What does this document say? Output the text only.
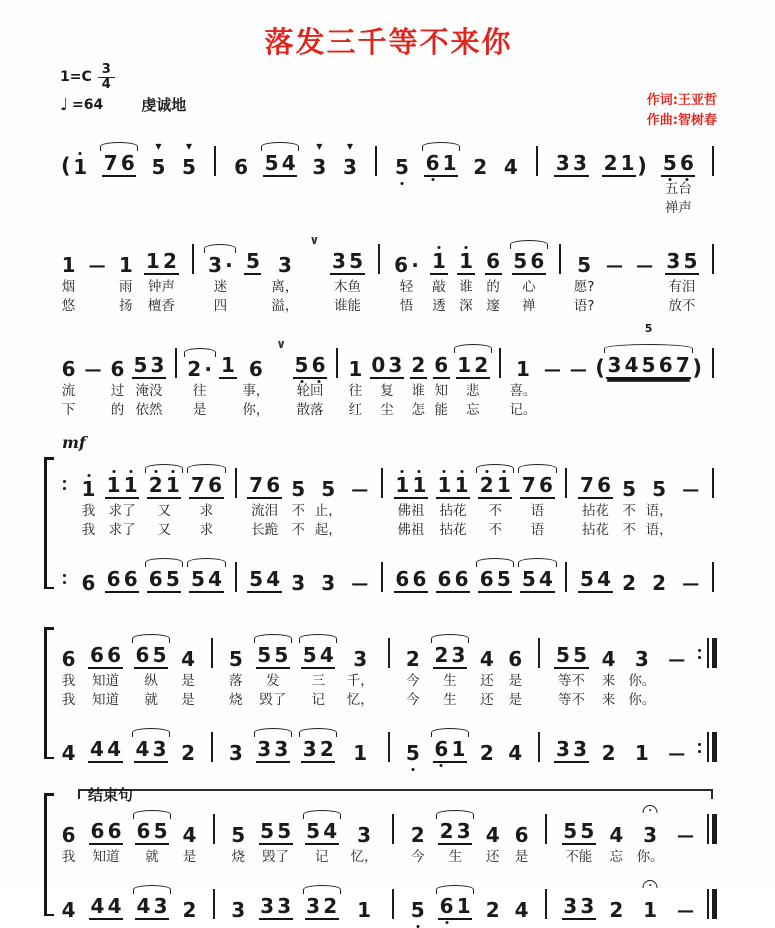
落发三千等不来你
$1=C \frac{3}{4}$
♩ =64	虔诚地	作词:王亚哲
作曲:智树春
( 1 7 6 5
▼
5
▼
6 5 4 3
▼
3
▼
5 6 1 2 4 3 3 2 1 ) 5 6
五台
禅声
1
烟
悠
— 1
雨
扬
1 2
钟声
檀香
3 ·
迷
四
5 3
离，
溢，
∨
3 5
木鱼
谁能
6 ·
轻
悟
1
敲
透
1
谁
深
6
的
邃
5 6
心
禅
5
愿?
语?
— — 3 5
有泪
放不
6
流
下
— 6
过
的
5 3
淹没
依然
2 ·
往
是
1 6
事，
你，
∨
5 6
轮回
散落
1
往
红
0 3
复
尘
2
谁
怎
6
知
能
1 2
悲
忘
1
喜。
记。
— — ( 3 4 5 6 7
5
)
mf
1
我
我
6
1 1
求了
求了
6 6
2 1
又
又
6 5
7 6
求
求
5 4
7 6
流泪
长跪
5 4
5
不
不
3
5
止，
起，
3
—
—
1 1
佛祖
佛祖
6 6
1 1
拈花
拈花
6 6
2 1
不
不
6 5
7 6
语
语
5 4
7 6
拈花
拈花
5 4
5
不
不
2
5
语，
语，
2
—
—
6
我
我
4
6 6
知道
知道
4 4
6 5
纵
就
4 3
4
是
是
2
5
落
烧
3
5 5
发
毁了
3 3
5 4
三
记
3 2
3
千，
忆，
1
2
今
今
5
2 3
生
生
6 1
4
还
还
2
6
是
是
4
5 5
等不
等不
3 3
4
来
来
2
3
你。
你。
1
—
—
结束句
6
我
4
6 6
知道
4 4
6 5
就
4 3
4
是
2
5
烧
3
5 5
毁了
3 3
5 4
记
3 2
3
忆，
1
2
今
5
2 3
生
6 1
4
还
2
6
是
4
5 5
不能
3 3
4
忘
2
3
你。
1
—
—
